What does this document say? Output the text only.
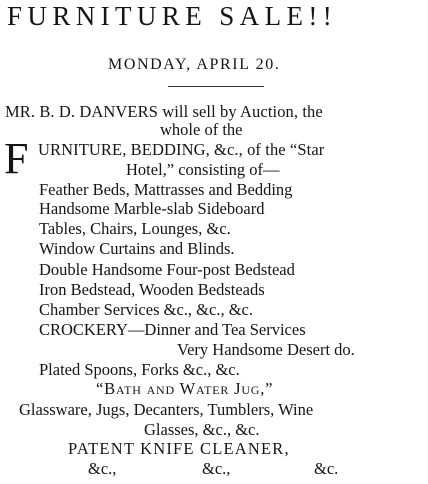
FURNITURE SALE!!
MONDAY, APRIL 20.
MR. B. D. DANVERS will sell by Auction, the
whole of the
F URNITURE, BEDDING, &c., of the “Star
Hotel,” consisting of—
Feather Beds, Mattrasses and Bedding
Handsome Marble-slab Sideboard
Tables, Chairs, Lounges, &c.
Window Curtains and Blinds.
Double Handsome Four-post Bedstead
Iron Bedstead, Wooden Bedsteads
Chamber Services &c., &c., &c.
CROCKERY—Dinner and Tea Services
Very Handsome Desert do.
Plated Spoons, Forks &c., &c.
“Bath and Water Jug,”
Glassware, Jugs, Decanters, Tumblers, Wine
Glasses, &c., &c.
PATENT KNIFE CLEANER,
&c.,	&c.,	&c.
